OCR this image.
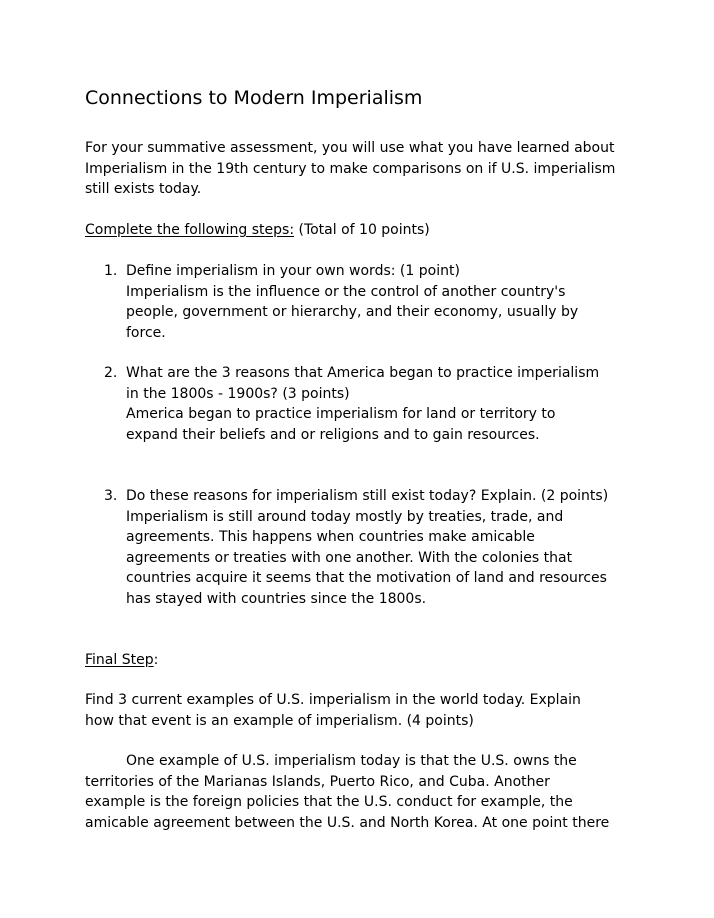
Connections to Modern Imperialism
For your summative assessment, you will use what you have learned about
Imperialism in the 19th century to make comparisons on if U.S. imperialism
still exists today.
Complete the following steps: (Total of 10 points)
1. Define imperialism in your own words: (1 point)
Imperialism is the influence or the control of another country's
people, government or hierarchy, and their economy, usually by
force.
2. What are the 3 reasons that America began to practice imperialism
in the 1800s - 1900s? (3 points)
America began to practice imperialism for land or territory to
expand their beliefs and or religions and to gain resources.
3. Do these reasons for imperialism still exist today? Explain. (2 points)
Imperialism is still around today mostly by treaties, trade, and
agreements. This happens when countries make amicable
agreements or treaties with one another. With the colonies that
countries acquire it seems that the motivation of land and resources
has stayed with countries since the 1800s.
Final Step:
Find 3 current examples of U.S. imperialism in the world today. Explain
how that event is an example of imperialism. (4 points)
One example of U.S. imperialism today is that the U.S. owns the
territories of the Marianas Islands, Puerto Rico, and Cuba. Another
example is the foreign policies that the U.S. conduct for example, the
amicable agreement between the U.S. and North Korea. At one point there
